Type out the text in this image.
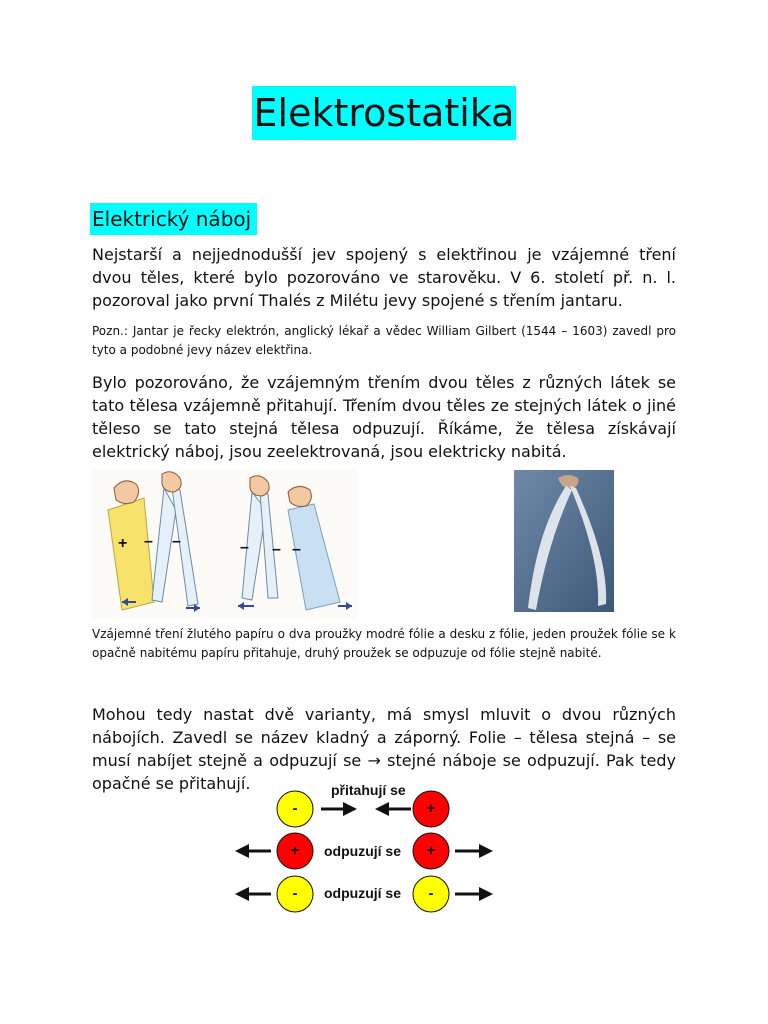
Elektrostatika
Elektrický náboj

Nejstarší a nejjednodušší jev spojený s elektřinou je vzájemné tření dvou těles, které bylo pozorováno ve starověku. V 6. století př. n. l. pozoroval jako první Thalés z Milétu jevy spojené s třením jantaru.

Pozn.: Jantar je řecky elektrón, anglický lékař a vědec William Gilbert (1544 – 1603) zavedl pro tyto a podobné jevy název elektřina.

Bylo pozorováno, že vzájemným třením dvou těles z různých látek se tato tělesa vzájemně přitahují. Třením dvou těles ze stejných látek o jiné těleso se tato stejná tělesa odpuzují. Říkáme, že tělesa získávají elektrický náboj, jsou zeelektrovaná, jsou elektricky nabitá.

+ – –	– – –

Vzájemné tření žlutého papíru o dva proužky modré fólie a desku z fólie, jeden proužek fólie se k opačně nabitému papíru přitahuje, druhý proužek se odpuzuje od fólie stejně nabité.

Mohou tedy nastat dvě varianty, má smysl mluvit o dvou různých nábojích. Zavedl se název kladný a záporný. Folie – tělesa stejná – se musí nabíjet stejně a odpuzují se → stejné náboje se odpuzují. Pak tedy opačné se přitahují.	přitahují se
odpuzují se
odpuzují se
-	+
+	+
-	-
